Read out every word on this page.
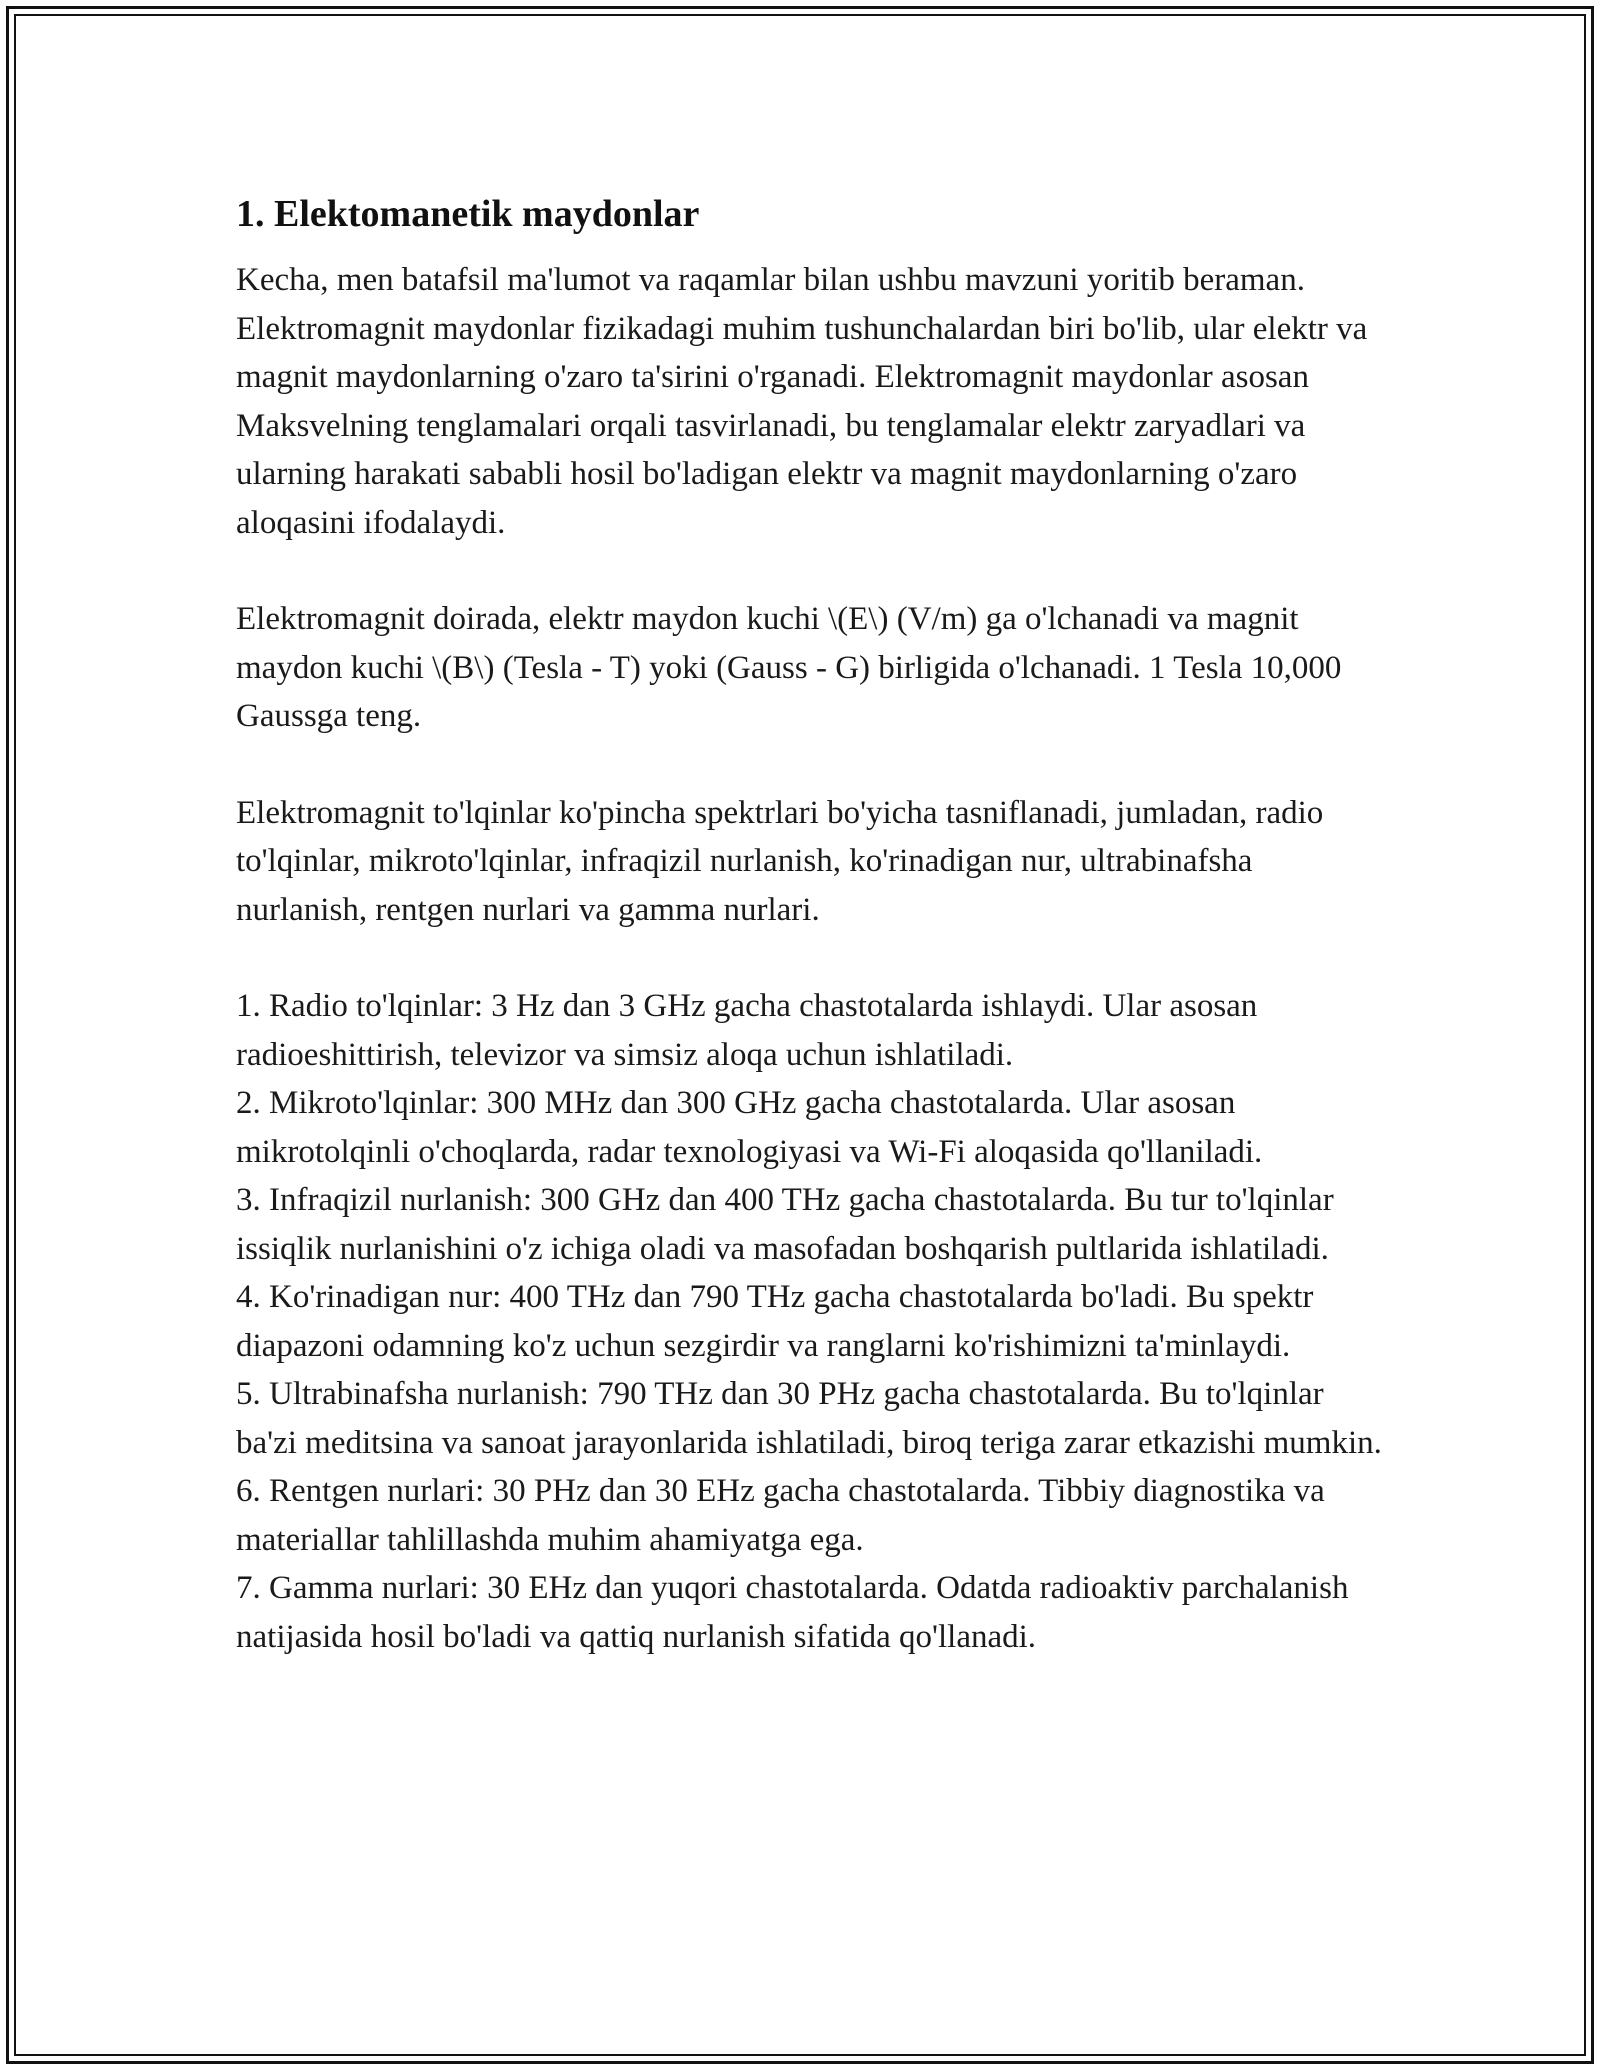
1. Elektomanetik maydonlar

Kecha, men batafsil ma'lumot va raqamlar bilan ushbu mavzuni yoritib beraman. Elektromagnit maydonlar fizikadagi muhim tushunchalardan biri bo'lib, ular elektr va magnit maydonlarning o'zaro ta'sirini o'rganadi. Elektromagnit maydonlar asosan Maksvelning tenglamalari orqali tasvirlanadi, bu tenglamalar elektr zaryadlari va ularning harakati sababli hosil bo'ladigan elektr va magnit maydonlarning o'zaro aloqasini ifodalaydi.

Elektromagnit doirada, elektr maydon kuchi \(E\) (V/m) ga o'lchanadi va magnit maydon kuchi \(B\) (Tesla - T) yoki (Gauss - G) birligida o'lchanadi. 1 Tesla 10,000 Gaussga teng.

Elektromagnit to'lqinlar ko'pincha spektrlari bo'yicha tasniflanadi, jumladan, radio to'lqinlar, mikroto'lqinlar, infraqizil nurlanish, ko'rinadigan nur, ultrabinafsha nurlanish, rentgen nurlari va gamma nurlari.

1. Radio to'lqinlar: 3 Hz dan 3 GHz gacha chastotalarda ishlaydi. Ular asosan radioeshittirish, televizor va simsiz aloqa uchun ishlatiladi.
2. Mikroto'lqinlar: 300 MHz dan 300 GHz gacha chastotalarda. Ular asosan mikrotolqinli o'choqlarda, radar texnologiyasi va Wi-Fi aloqasida qo'llaniladi.
3. Infraqizil nurlanish: 300 GHz dan 400 THz gacha chastotalarda. Bu tur to'lqinlar issiqlik nurlanishini o'z ichiga oladi va masofadan boshqarish pultlarida ishlatiladi.
4. Ko'rinadigan nur: 400 THz dan 790 THz gacha chastotalarda bo'ladi. Bu spektr diapazoni odamning ko'z uchun sezgirdir va ranglarni ko'rishimizni ta'minlaydi.
5. Ultrabinafsha nurlanish: 790 THz dan 30 PHz gacha chastotalarda. Bu to'lqinlar ba'zi meditsina va sanoat jarayonlarida ishlatiladi, biroq teriga zarar etkazishi mumkin.
6. Rentgen nurlari: 30 PHz dan 30 EHz gacha chastotalarda. Tibbiy diagnostika va materiallar tahlillashda muhim ahamiyatga ega.
7. Gamma nurlari: 30 EHz dan yuqori chastotalarda. Odatda radioaktiv parchalanish natijasida hosil bo'ladi va qattiq nurlanish sifatida qo'llanadi.
